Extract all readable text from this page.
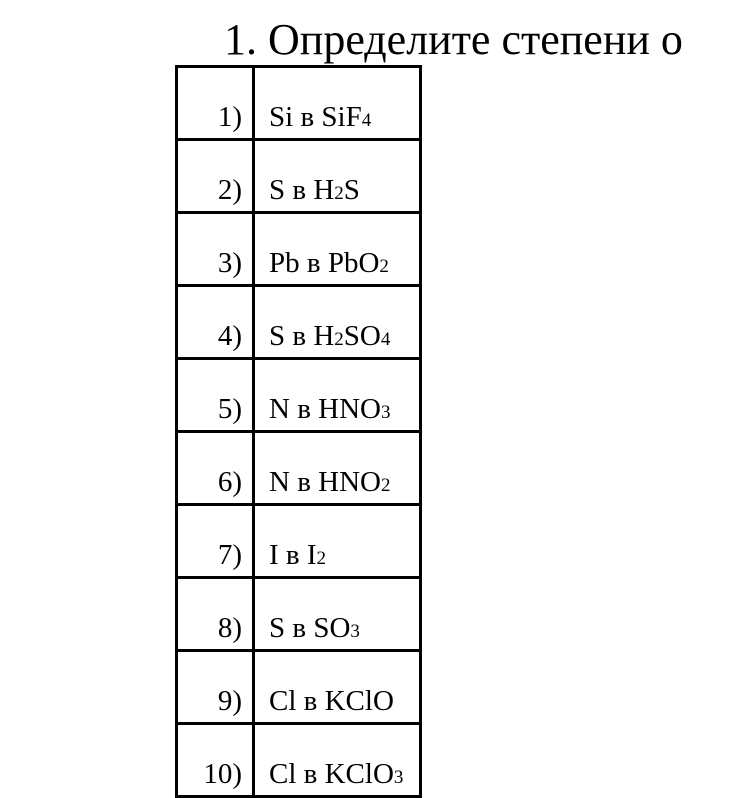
1. Определите степени о
1)	Si в SiF4
2)	S в H2S
3)	Pb в PbO2
4)	S в H2SO4
5)	N в HNO3
6)	N в HNO2
7)	I в I2
8)	S в SO3
9)	Cl в KClO
10)	Cl в KClO3
